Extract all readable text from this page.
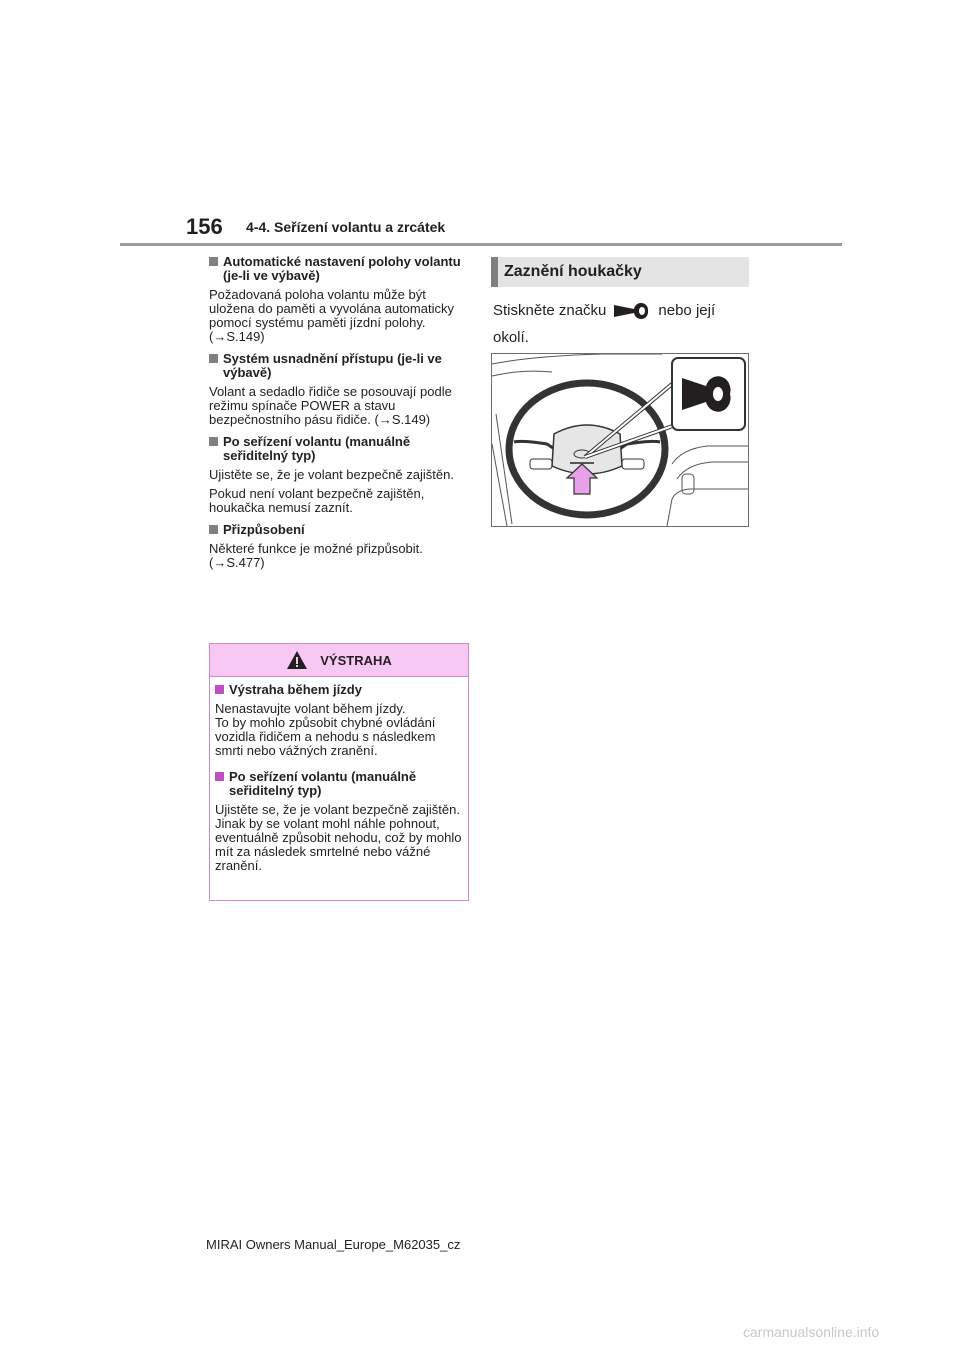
156 4-4. Seřízení volantu a zrcátek
Automatické nastavení polohy volantu (je-li ve výbavě)

Požadovaná poloha volantu může být uložena do paměti a vyvolána automaticky pomocí systému paměti jízdní polohy. (→S.149)

Systém usnadnění přístupu (je-li ve výbavě)

Volant a sedadlo řidiče se posouvají podle režimu spínače POWER a stavu bezpečnostního pásu řidiče. (→S.149)

Po seřízení volantu (manuálně seřiditelný typ)

Ujistěte se, že je volant bezpečně zajištěn.

Pokud není volant bezpečně zajištěn, houkačka nemusí zaznít.

Přizpůsobení

Některé funkce je možné přizpůsobit. (→S.477)

VÝSTRAHA
Výstraha během jízdy

Nenastavujte volant během jízdy.

To by mohlo způsobit chybné ovládání vozidla řidičem a nehodu s následkem smrti nebo vážných zranění.

Po seřízení volantu (manuálně seřiditelný typ)

Ujistěte se, že je volant bezpečně zajištěn. Jinak by se volant mohl náhle pohnout, eventuálně způsobit nehodu, což by mohlo mít za následek smrtelné nebo vážné zranění.

Zaznění houkačky
Stiskněte značku	nebo její okolí.
MIRAI Owners Manual_Europe_M62035_cz
carmanualsonline.info
